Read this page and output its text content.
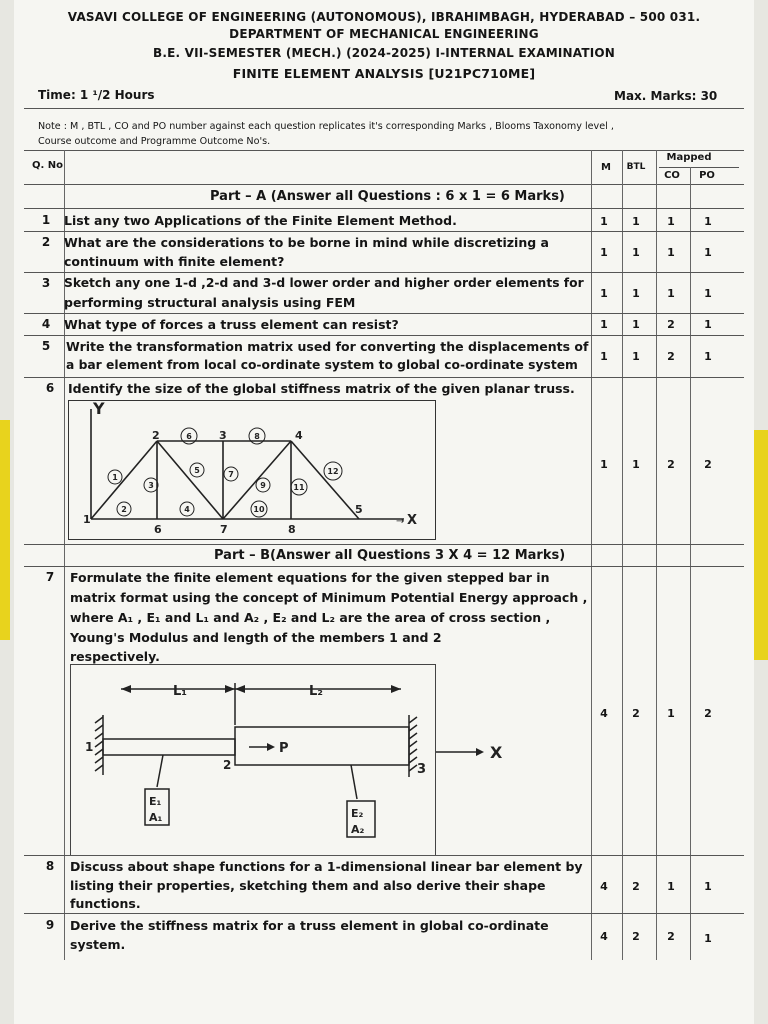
VASAVI COLLEGE OF ENGINEERING (AUTONOMOUS), IBRAHIMBAGH, HYDERABAD – 500 031.
DEPARTMENT OF MECHANICAL ENGINEERING
B.E. VII-SEMESTER (MECH.) (2024-2025) I-INTERNAL EXAMINATION
FINITE ELEMENT ANALYSIS [U21PC710ME]
Time: 1 ¹/2 Hours	Max. Marks: 30
Note : M , BTL , CO and PO number against each question replicates it's corresponding Marks , Blooms Taxonomy level ,
Course outcome and Programme Outcome No's.
Q. No	M	BTL
Mapped
CO	PO
Part – A (Answer all Questions : 6 x 1 = 6 Marks)
1	List any two Applications of the Finite Element Method.	1	1	1	1
2	What are the considerations to be borne in mind while discretizing a
continuum with finite element?
1	1	1	1
3	Sketch any one 1-d ,2-d and 3-d lower order and higher order elements for
performing structural analysis using FEM
1	1	1	1
4	What type of forces a truss element can resist?	1	1	2	1
5	Write the transformation matrix used for converting the displacements of
a bar element from local co-ordinate system to global co-ordinate system
1	1	2	1
6	Identify the size of the global stiffness matrix of the given planar truss.
1	1	2	2
Y
X
→
1
2	3	4
5
6	7	8
1
2
3
4
5
6
7
8
9
10
11
12
Part – B(Answer all Questions 3 X 4 = 12 Marks)
7	Formulate the finite element equations for the given stepped bar in
matrix format using the concept of Minimum Potential Energy approach ,
where A₁ , E₁ and L₁ and A₂ , E₂ and L₂ are the area of cross section ,
Young's Modulus and length of the members 1 and 2
respectively.
4	2	1	2
L₁	L₂
P
1
2	3
E₁
A₁	E₂
A₂
X
8	Discuss about shape functions for a 1-dimensional linear bar element by
listing their properties, sketching them and also derive their shape
functions.
4	2	1	1
9	Derive the stiffness matrix for a truss element in global co-ordinate
system.
4	2	2	1
